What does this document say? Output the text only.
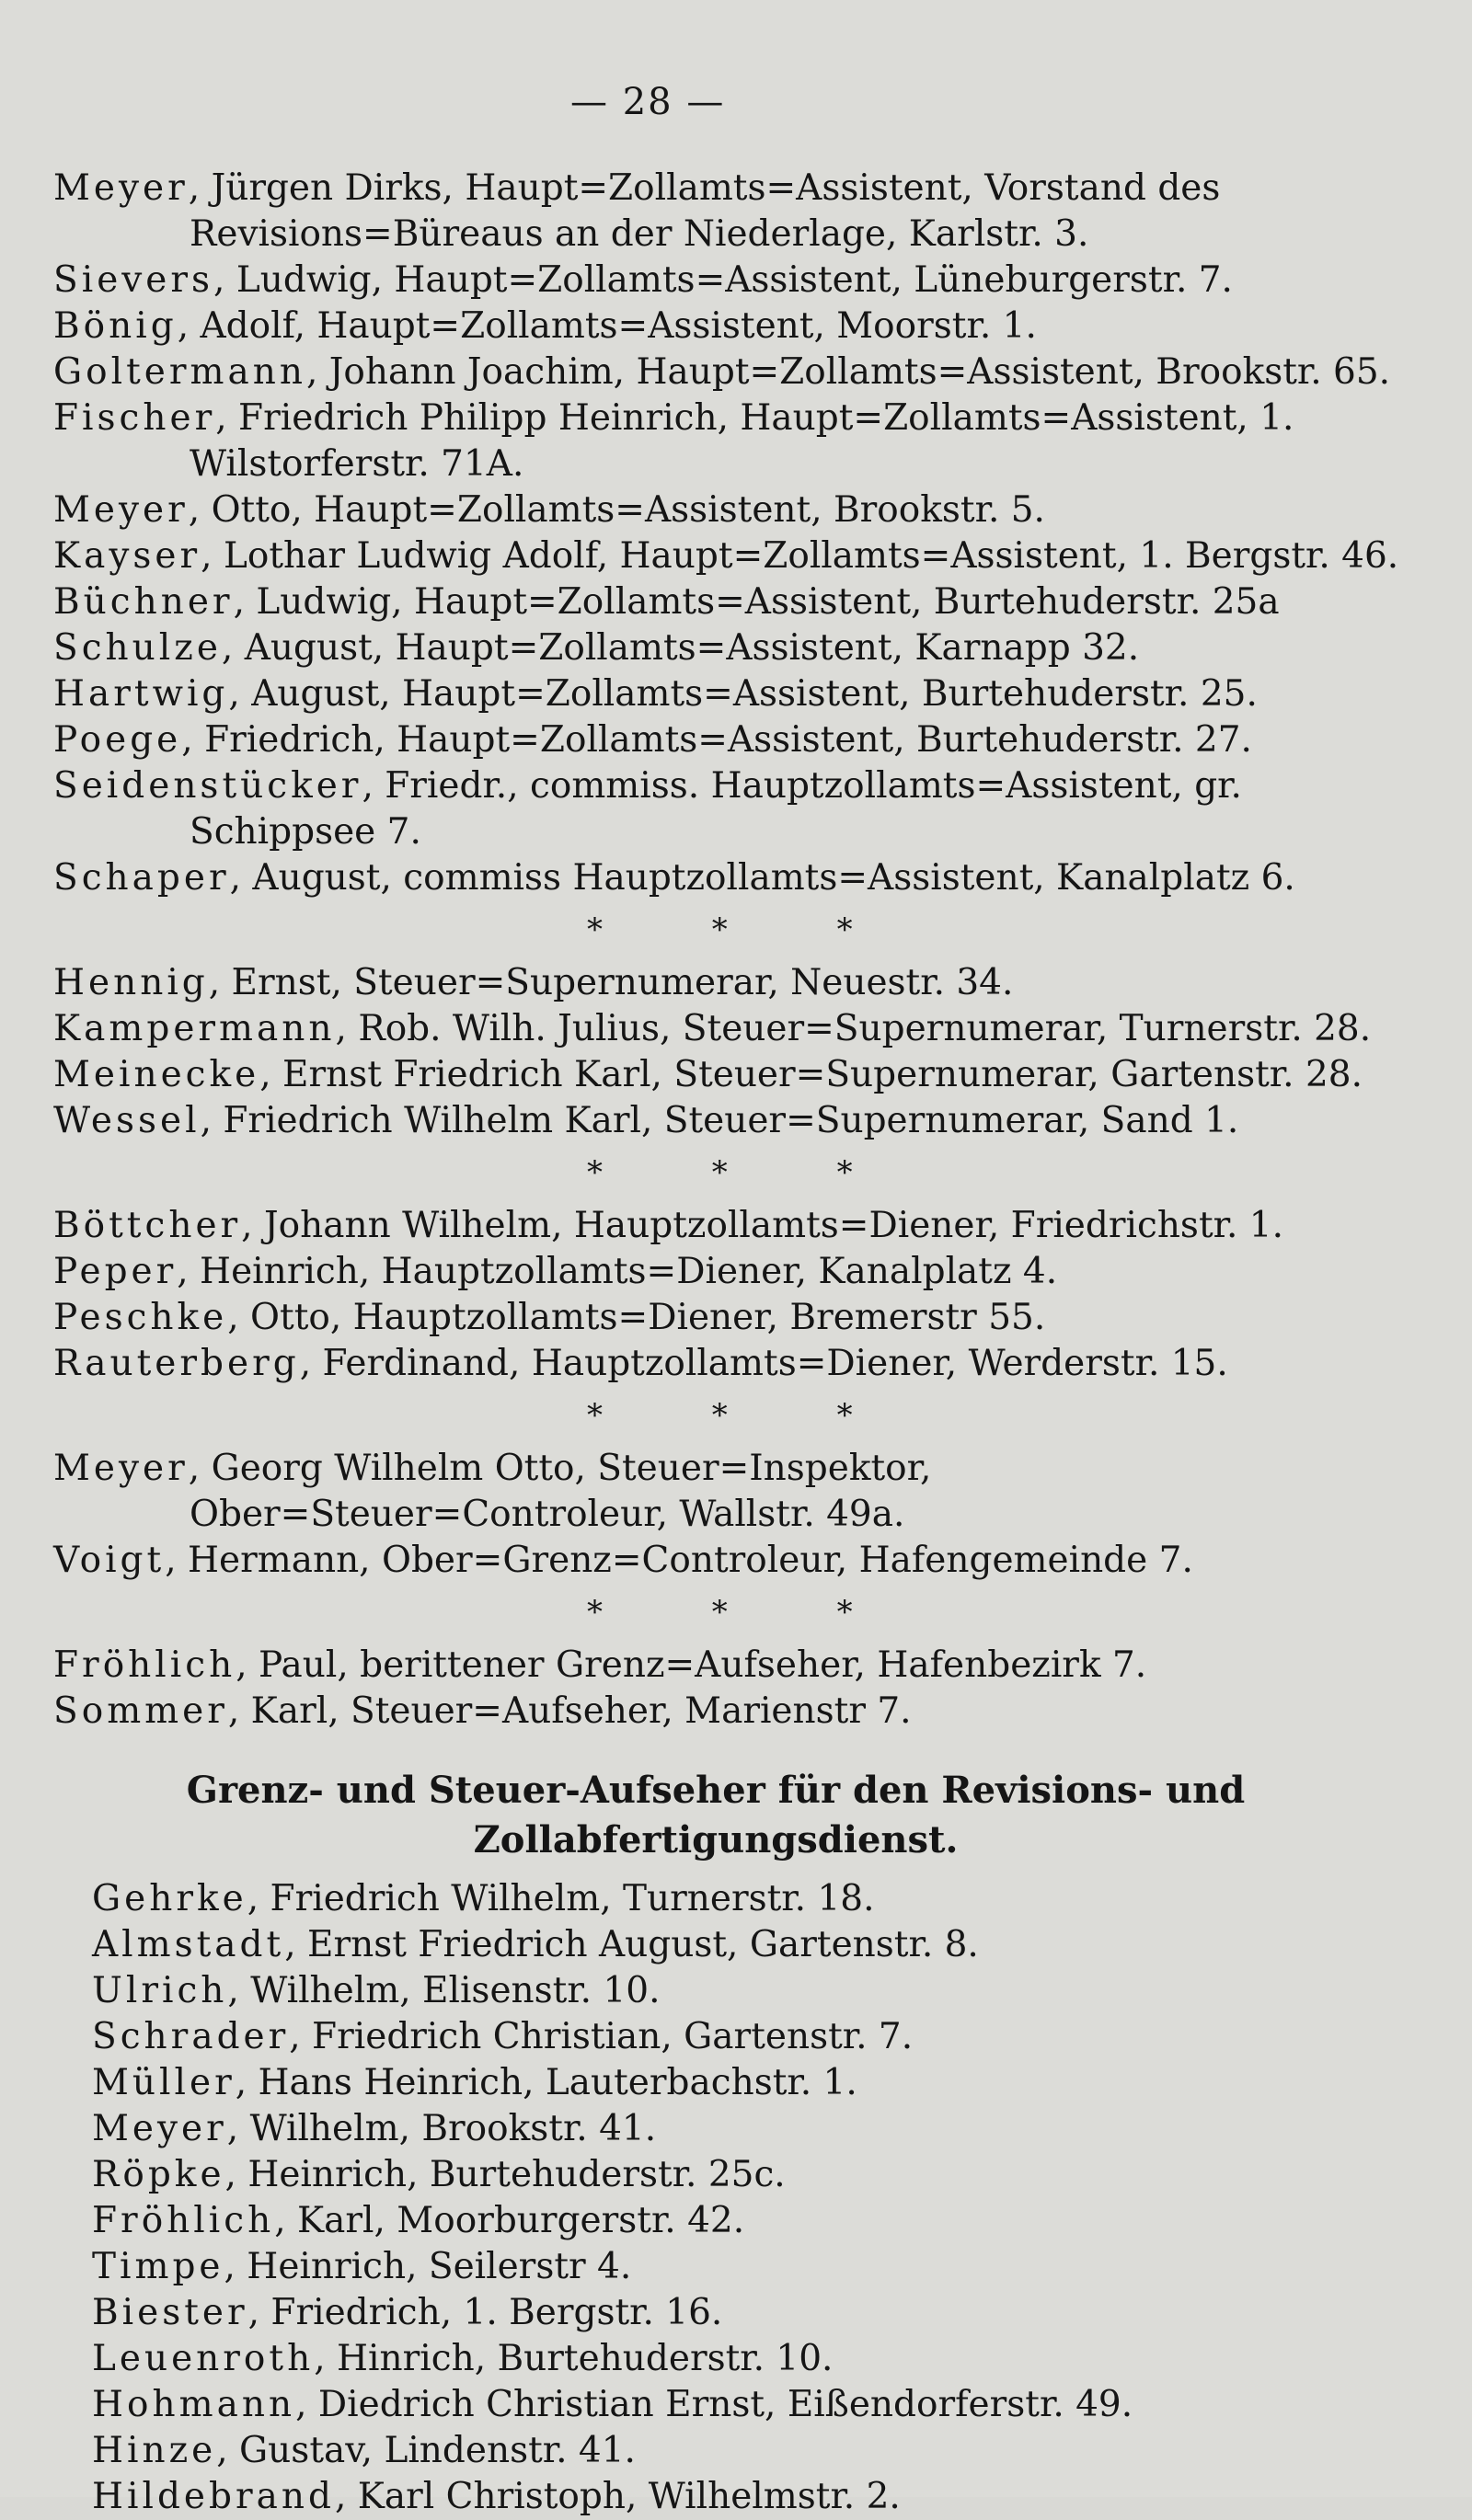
— 28 —

Meyer, Jürgen Dirks, Haupt=Zollamts=Assistent, Vorstand des Revisions=Büreaus an der Niederlage, Karlstr. 3.

Sievers, Ludwig, Haupt=Zollamts=Assistent, Lüneburgerstr. 7.

Bönig, Adolf, Haupt=Zollamts=Assistent, Moorstr. 1.

Goltermann, Johann Joachim, Haupt=Zollamts=Assistent, Brookstr. 65.

Fischer, Friedrich Philipp Heinrich, Haupt=Zollamts=Assistent, 1. Wilstorferstr. 71A.

Meyer, Otto, Haupt=Zollamts=Assistent, Brookstr. 5.

Kayser, Lothar Ludwig Adolf, Haupt=Zollamts=Assistent, 1. Bergstr. 46.

Büchner, Ludwig, Haupt=Zollamts=Assistent, Burtehuderstr. 25a

Schulze, August, Haupt=Zollamts=Assistent, Karnapp 32.

Hartwig, August, Haupt=Zollamts=Assistent, Burtehuderstr. 25.

Poege, Friedrich, Haupt=Zollamts=Assistent, Burtehuderstr. 27.

Seidenstücker, Friedr., commiss. Hauptzollamts=Assistent, gr. Schippsee 7.

Schaper, August, commiss Hauptzollamts=Assistent, Kanalplatz 6.

* * *

Hennig, Ernst, Steuer=Supernumerar, Neuestr. 34.

Kampermann, Rob. Wilh. Julius, Steuer=Supernumerar, Turnerstr. 28.

Meinecke, Ernst Friedrich Karl, Steuer=Supernumerar, Gartenstr. 28.

Wessel, Friedrich Wilhelm Karl, Steuer=Supernumerar, Sand 1.

* * *

Böttcher, Johann Wilhelm, Hauptzollamts=Diener, Friedrichstr. 1.

Peper, Heinrich, Hauptzollamts=Diener, Kanalplatz 4.

Peschke, Otto, Hauptzollamts=Diener, Bremerstr 55.

Rauterberg, Ferdinand, Hauptzollamts=Diener, Werderstr. 15.

* * *

Meyer, Georg Wilhelm Otto, Steuer=Inspektor, Ober=Steuer=Controleur, Wallstr. 49a.

Voigt, Hermann, Ober=Grenz=Controleur, Hafengemeinde 7.

* * *

Fröhlich, Paul, berittener Grenz=Aufseher, Hafenbezirk 7.

Sommer, Karl, Steuer=Aufseher, Marienstr 7.

Grenz- und Steuer-Aufseher für den Revisions- und Zollabfertigungsdienst.

Gehrke, Friedrich Wilhelm, Turnerstr. 18.

Almstadt, Ernst Friedrich August, Gartenstr. 8.

Ulrich, Wilhelm, Elisenstr. 10.

Schrader, Friedrich Christian, Gartenstr. 7.

Müller, Hans Heinrich, Lauterbachstr. 1.

Meyer, Wilhelm, Brookstr. 41.

Röpke, Heinrich, Burtehuderstr. 25c.

Fröhlich, Karl, Moorburgerstr. 42.

Timpe, Heinrich, Seilerstr 4.

Biester, Friedrich, 1. Bergstr. 16.

Leuenroth, Hinrich, Burtehuderstr. 10.

Hohmann, Diedrich Christian Ernst, Eißendorferstr. 49.

Hinze, Gustav, Lindenstr. 41.

Hildebrand, Karl Christoph, Wilhelmstr. 2.
